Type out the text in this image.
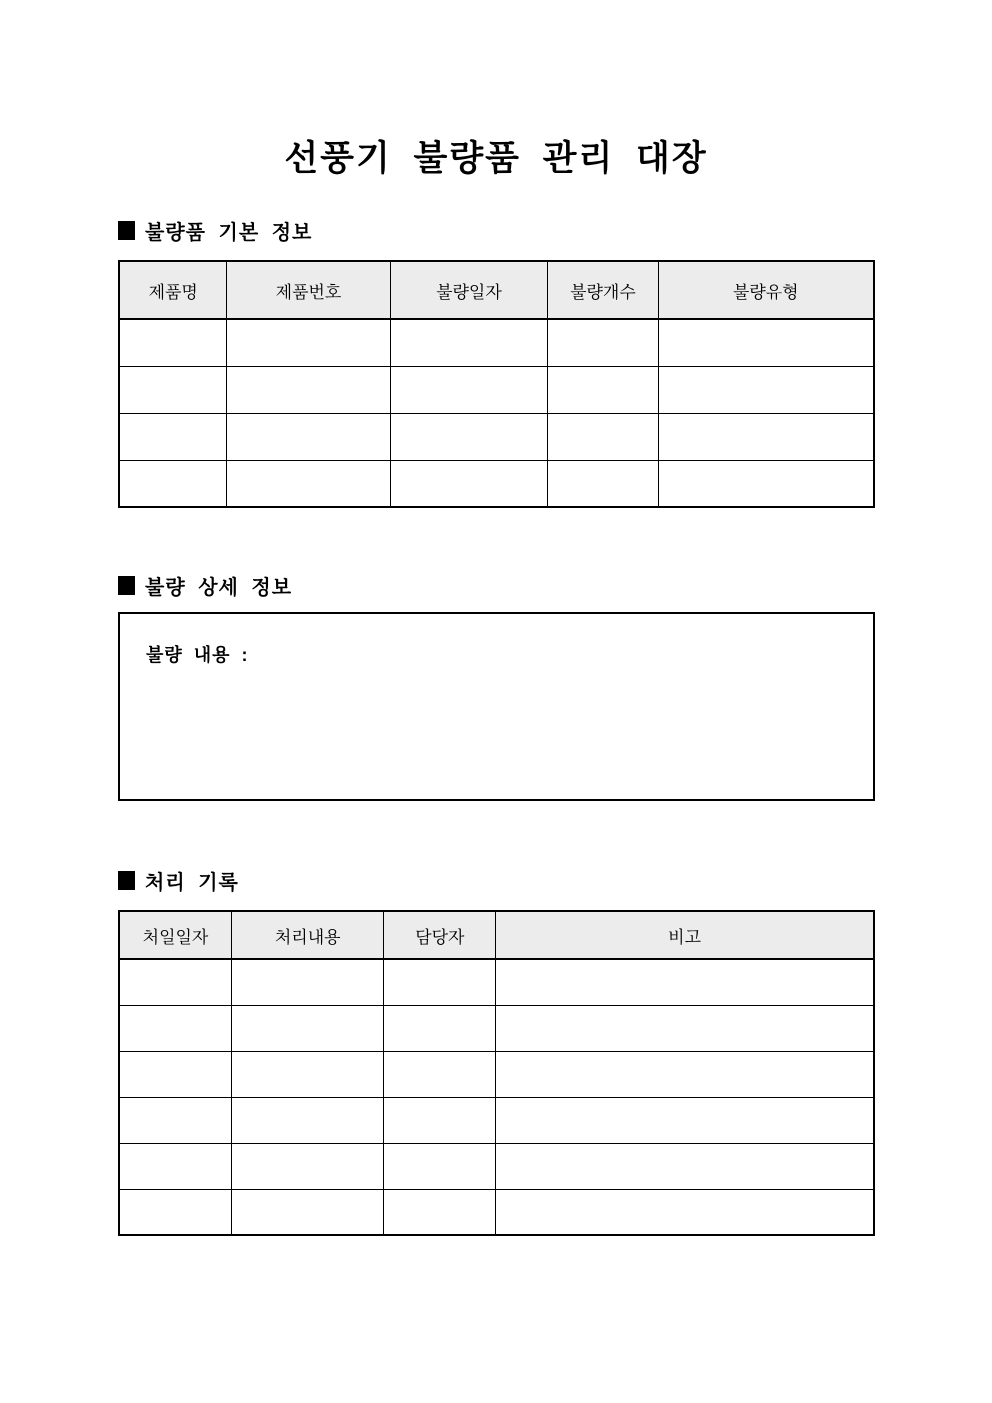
선풍기 불량품 관리 대장
불량품 기본 정보
제품명	제품번호	불량일자	불량개수	불량유형

불량 상세 정보
불량 내용 :
처리 기록
처일일자	처리내용	담당자	비고
